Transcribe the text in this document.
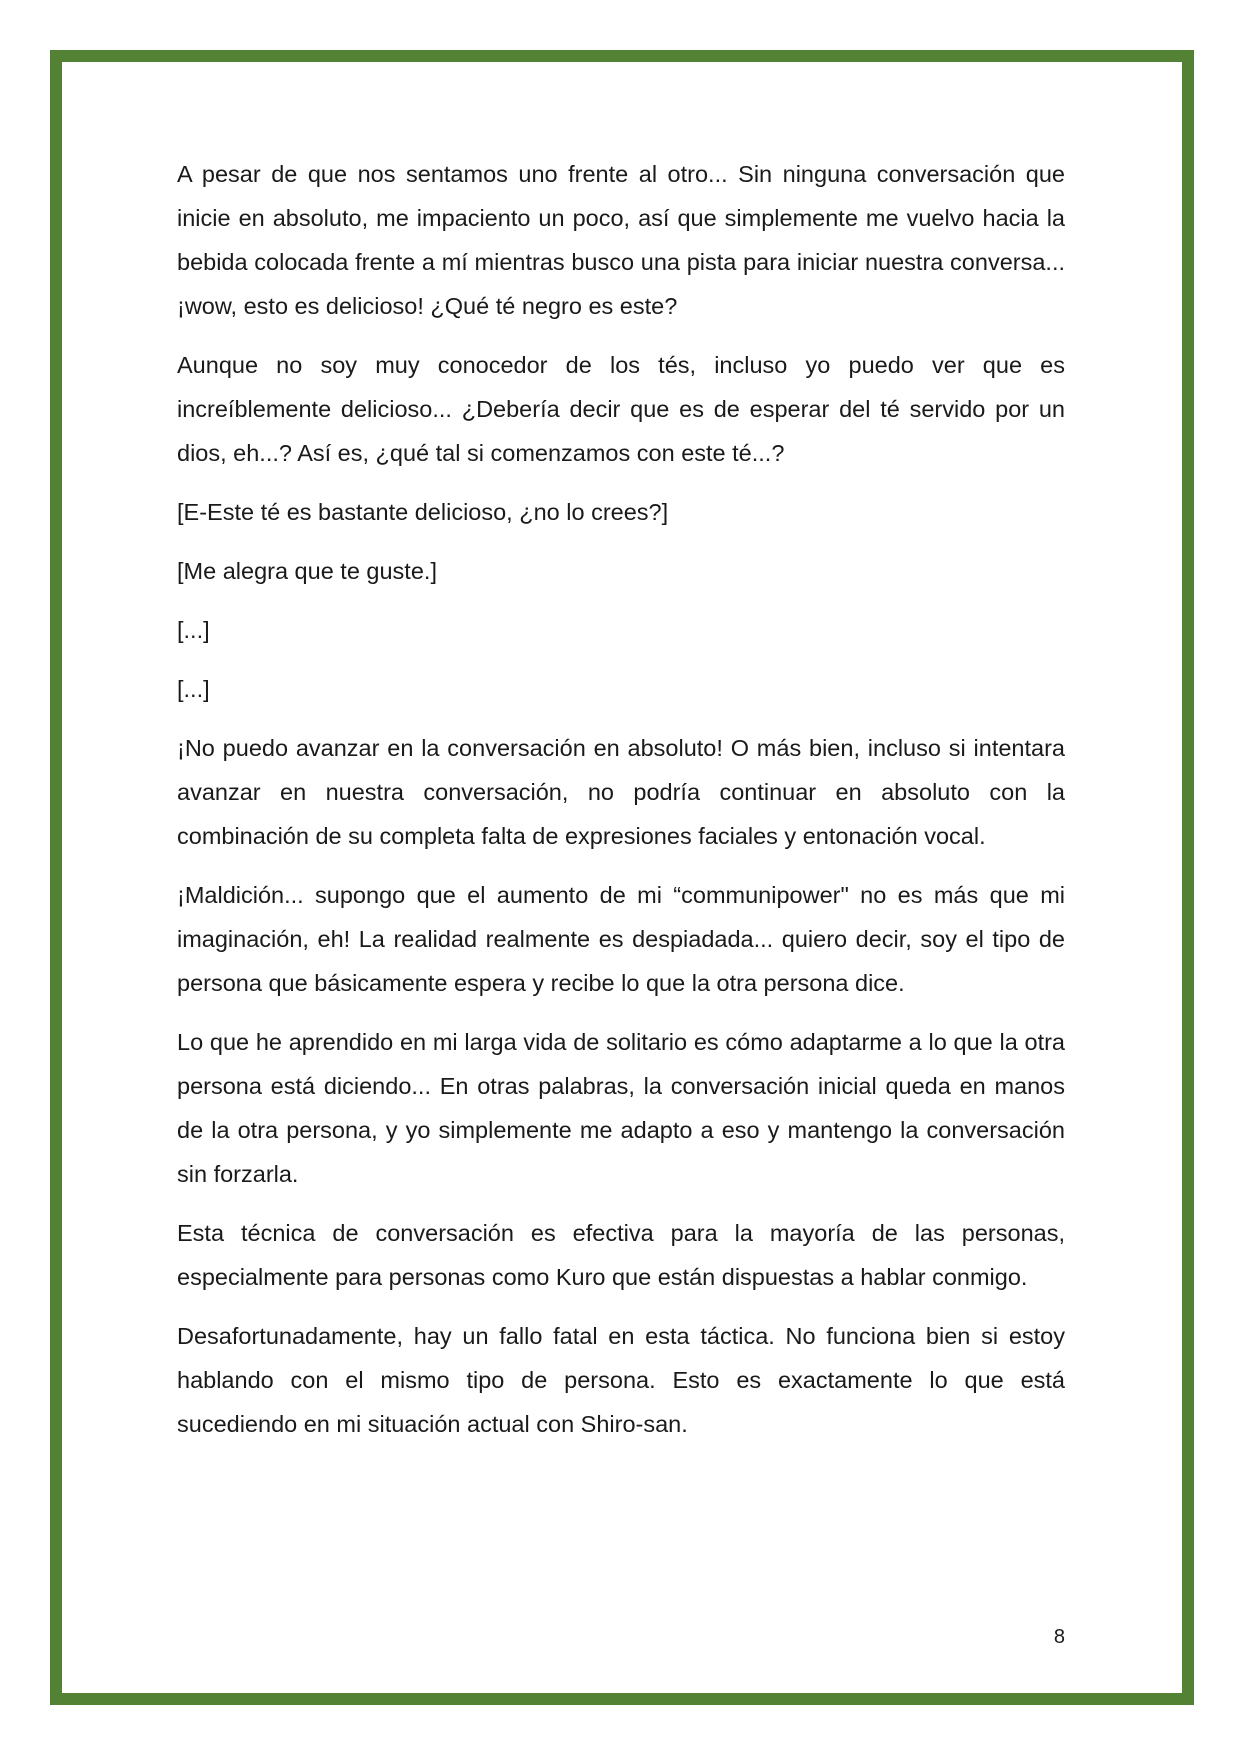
A pesar de que nos sentamos uno frente al otro... Sin ninguna conversación que inicie en absoluto, me impaciento un poco, así que simplemente me vuelvo hacia la bebida colocada frente a mí mientras busco una pista para iniciar nuestra conversa... ¡wow, esto es delicioso! ¿Qué té negro es este?

Aunque no soy muy conocedor de los tés, incluso yo puedo ver que es increíblemente delicioso... ¿Debería decir que es de esperar del té servido por un dios, eh...? Así es, ¿qué tal si comenzamos con este té...?

[E-Este té es bastante delicioso, ¿no lo crees?]

[Me alegra que te guste.]

[...]

[...]

¡No puedo avanzar en la conversación en absoluto! O más bien, incluso si intentara avanzar en nuestra conversación, no podría continuar en absoluto con la combinación de su completa falta de expresiones faciales y entonación vocal.

¡Maldición... supongo que el aumento de mi “communipower" no es más que mi imaginación, eh! La realidad realmente es despiadada... quiero decir, soy el tipo de persona que básicamente espera y recibe lo que la otra persona dice.

Lo que he aprendido en mi larga vida de solitario es cómo adaptarme a lo que la otra persona está diciendo... En otras palabras, la conversación inicial queda en manos de la otra persona, y yo simplemente me adapto a eso y mantengo la conversación sin forzarla.

Esta técnica de conversación es efectiva para la mayoría de las personas, especialmente para personas como Kuro que están dispuestas a hablar conmigo.

Desafortunadamente, hay un fallo fatal en esta táctica. No funciona bien si estoy hablando con el mismo tipo de persona. Esto es exactamente lo que está sucediendo en mi situación actual con Shiro-san.

8
